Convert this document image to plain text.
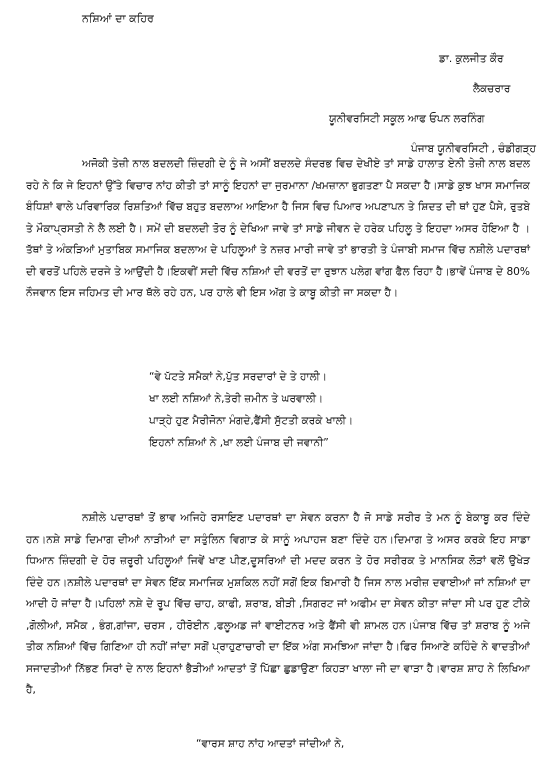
ਨਸ਼ਿਆਂ ਦਾ ਕਹਿਰ
ਡਾ. ਕੁਲਜੀਤ ਕੌਰ
ਲੈਕਚਰਾਰ
ਯੂਨੀਵਰਸਿਟੀ ਸਕੂਲ ਆਫ ਓਪਨ ਲਰਨਿੰਗ
ਪੰਜਾਬ ਯੂਨੀਵਰਸਿਟੀ , ਚੰਡੀਗੜ੍ਹ
ਅਜੋਕੀ ਤੇਜ਼ੀ ਨਾਲ ਬਦਲਦੀ ਜ਼ਿੰਦਗੀ ਦੇ ਨੂੰ ਜੇ ਅਸੀਂ ਬਦਲਦੇ ਸੰਦਰਭ ਵਿਚ ਦੇਖੀਏ ਤਾਂ ਸਾਡੇ ਹਾਲਾਤ ਏਨੀ ਤੇਜ਼ੀ ਨਾਲ ਬਦਲ ਰਹੇ ਨੇ ਕਿ ਜੇ ਇਹਨਾਂ ਉੱਤੇ ਵਿਚਾਰ ਨਾਂਹ ਕੀਤੀ ਤਾਂ ਸਾਨੂੰ ਇਹਨਾਂ ਦਾ ਜੁਰਮਾਨਾ /ਖਮਜ਼ਾਨਾ ਭੁਗਤਣਾ ਪੈ ਸਕਦਾ ਹੈ।ਸਾਡੇ ਕੁਝ ਖਾਸ ਸਮਾਜਿਕ ਬੰਧਿਸ਼ਾਂ ਵਾਲੇ ਪਰਿਵਾਰਿਕ ਰਿਸ਼ਤਿਆਂ ਵਿੱਚ ਬਹੁਤ ਬਦਲਾਅ ਆਇਆ ਹੈ ਜਿਸ ਵਿਚ ਪਿਆਰ ਅਪਣਾਪਨ ਤੇ ਸ਼ਿਦਤ ਦੀ ਥਾਂ ਹੁਣ ਪੈਸੇ, ਰੁਤਬੇ ਤੇ ਮੌਕਾਪ੍ਰਸਤੀ ਨੇ ਲੈ ਲਈ ਹੈ। ਸਮੇਂ ਦੀ ਬਦਲਦੀ ਤੋਰ ਨੂੰ ਦੇਖਿਆ ਜਾਵੇ ਤਾਂ ਸਾਡੇ ਜੀਵਨ ਦੇ ਹਰੇਕ ਪਹਿਲੂ ਤੇ ਇਹਦਾ ਅਸਰ ਹੋਇਆ ਹੈ । ਤੱਥਾਂ ਤੇ ਅੰਕੜਿਆਂ ਮੁਤਾਬਿਕ ਸਮਾਜਿਕ ਬਦਲਾਅ ਦੇ ਪਹਿਲੂਆਂ ਤੇ ਨਜ਼ਰ ਮਾਰੀ ਜਾਵੇ ਤਾਂ ਭਾਰਤੀ ਤੇ ਪੰਜਾਬੀ ਸਮਾਜ ਵਿੱਚ ਨਸ਼ੀਲੇ ਪਦਾਰਥਾਂ ਦੀ ਵਰਤੋਂ ਪਹਿਲੇ ਦਰਜੇ ਤੇ ਆਉਂਦੀ ਹੈ।ਇਕਵੀਂ ਸਦੀ ਵਿੱਚ ਨਸ਼ਿਆਂ ਦੀ ਵਰਤੋਂ ਦਾ ਰੁਝਾਨ ਪਲੇਗ ਵਾਂਗ ਫੈਲ ਰਿਹਾ ਹੈ।ਭਾਵੇਂ ਪੰਜਾਬ ਦੇ 80% ਨੌਜਵਾਨ ਇਸ ਜਹਿਮਤ ਦੀ ਮਾਰ ਥੱਲੇ ਰਹੇ ਹਨ, ਪਰ ਹਾਲੇ ਵੀ ਇਸ ਅੱਗ ਤੇ ਕਾਬੂ ਕੀਤੀ ਜਾ ਸਕਦਾ ਹੈ।
“ਵੇ ਪੱਟਤੇ ਸਮੈਕਾਂ ਨੇ,ਪੁੱਤ ਸਰਦਾਰਾਂ ਦੇ ਤੇ ਹਾਲੀ।
ਖਾ ਲਈ ਨਸ਼ਿਆਂ ਨੇ,ਤੇਰੀ ਜ਼ਮੀਨ ਤੇ ਘਰਵਾਲੀ।
ਪਾੜ੍ਹੇ ਹੁਣ ਮੈਰੀਜੋਨਾ ਮੰਗਦੇ,ਫੈਂਸੀ ਸੁੱਟਤੀ ਕਰਕੇ ਖਾਲੀ।
ਇਹਨਾਂ ਨਸ਼ਿਆਂ ਨੇ ,ਖਾ ਲਈ ਪੰਜਾਬ ਦੀ ਜਵਾਨੀ”
ਨਸ਼ੀਲੇ ਪਦਾਰਥਾਂ ਤੋਂ ਭਾਵ ਅਜਿਹੇ ਰਸਾਇਣ ਪਦਾਰਥਾਂ ਦਾ ਸੇਵਨ ਕਰਨਾ ਹੈ ਜੋ ਸਾਡੇ ਸਰੀਰ ਤੇ ਮਨ ਨੂੰ ਬੇਕਾਬੂ ਕਰ ਦਿੰਦੇ ਹਨ।ਨਸ਼ੇ ਸਾਡੇ ਦਿਮਾਗ ਦੀਆਂ ਨਾੜੀਆਂ ਦਾ ਸਤੁੰਲਿਨ ਵਿਗਾੜ ਕੇ ਸਾਨੂੰ ਅਪਾਹਜ ਬਣਾ ਦਿੰਦੇ ਹਨ।ਦਿਮਾਗ ਤੇ ਅਸਰ ਕਰਕੇ ਇਹ ਸਾਡਾ ਧਿਆਨ ਜ਼ਿੰਦਗੀ ਦੇ ਹੋਰ ਜ਼ਰੂਰੀ ਪਹਿਲੂਆਂ ਜਿਵੇਂ ਖਾਣ ਪੀਣ,ਦੂਸਰਿਆਂ ਦੀ ਮਦਦ ਕਰਨ ਤੇ ਹੋਰ ਸਰੀਰਕ ਤੇ ਮਾਨਸਿਕ ਲੋੜਾਂ ਵਲੋਂ ਉਖੇੜ ਦਿੰਦੇ ਹਨ।ਨਸ਼ੀਲੇ ਪਦਾਰਥਾਂ ਦਾ ਸੇਵਨ ਇੱਕ ਸਮਾਜਿਕ ਮੁਸ਼ਕਿਲ ਨਹੀਂ ਸਗੋਂ ਇਕ ਬਿਮਾਰੀ ਹੈ ਜਿਸ ਨਾਲ ਮਰੀਜ਼ ਦਵਾਈਆਂ ਜਾਂ ਨਸ਼ਿਆਂ ਦਾ ਆਦੀ ਹੋ ਜਾਂਦਾ ਹੈ।ਪਹਿਲਾਂ ਨਸ਼ੇ ਦੇ ਰੂਪ ਵਿੱਚ ਚਾਹ, ਕਾਫੀ, ਸ਼ਰਾਬ, ਬੀੜੀ ,ਸਿਗਰਟ ਜਾਂ ਅਫੀਮ ਦਾ ਸੇਵਨ ਕੀਤਾ ਜਾਂਦਾ ਸੀ ਪਰ ਹੁਣ ਟੀਕੇ ,ਗੋਲੀਆਂ, ਸਮੈਕ , ਭੰਗ,ਗਾਂਜਾ, ਚਰਸ , ਹੀਰੋਈਨ ,ਫਲੂਅਡ ਜਾਂ ਵਾਈਟਨਰ ਅਤੇ ਫੈਂਸੀ ਵੀ ਸ਼ਾਮਲ ਹਨ।ਪੰਜਾਬ ਵਿੱਚ ਤਾਂ ਸ਼ਰਾਬ ਨੂੰ ਅਜੇ ਤੀਕ ਨਸ਼ਿਆਂ ਵਿੱਚ ਗਿਣਿਆ ਹੀ ਨਹੀਂ ਜਾਂਦਾ ਸਗੋਂ ਪ੍ਰਾਹੁਣਾਚਾਰੀ ਦਾ ਇੱਕ ਅੰਗ ਸਮਝਿਆ ਜਾਂਦਾ ਹੈ।ਫਿਰ ਸਿਆਣੇ ਕਹਿੰਦੇ ਨੇ ਵਾਦਤੀਆਂ ਸਜਾਦਤੀਆਂ ਨਿੱਭਣ ਸਿਰਾਂ ਦੇ ਨਾਲ ਇਹਨਾਂ ਭੈੜੀਆਂ ਆਦਤਾਂ ਤੋਂ ਪਿੱਛਾ ਛੁਡਾਉਣਾ ਕਿਹੜਾ ਖਾਲਾ ਜੀ ਦਾ ਵਾੜਾ ਹੈ।ਵਾਰਸ਼ ਸ਼ਾਹ ਨੇ ਲਿਖਿਆ ਹੈ,
“ਵਾਰਸ ਸ਼ਾਹ ਨਾਂਹ ਆਦਤਾਂ ਜਾਂਦੀਆਂ ਨੇ,
